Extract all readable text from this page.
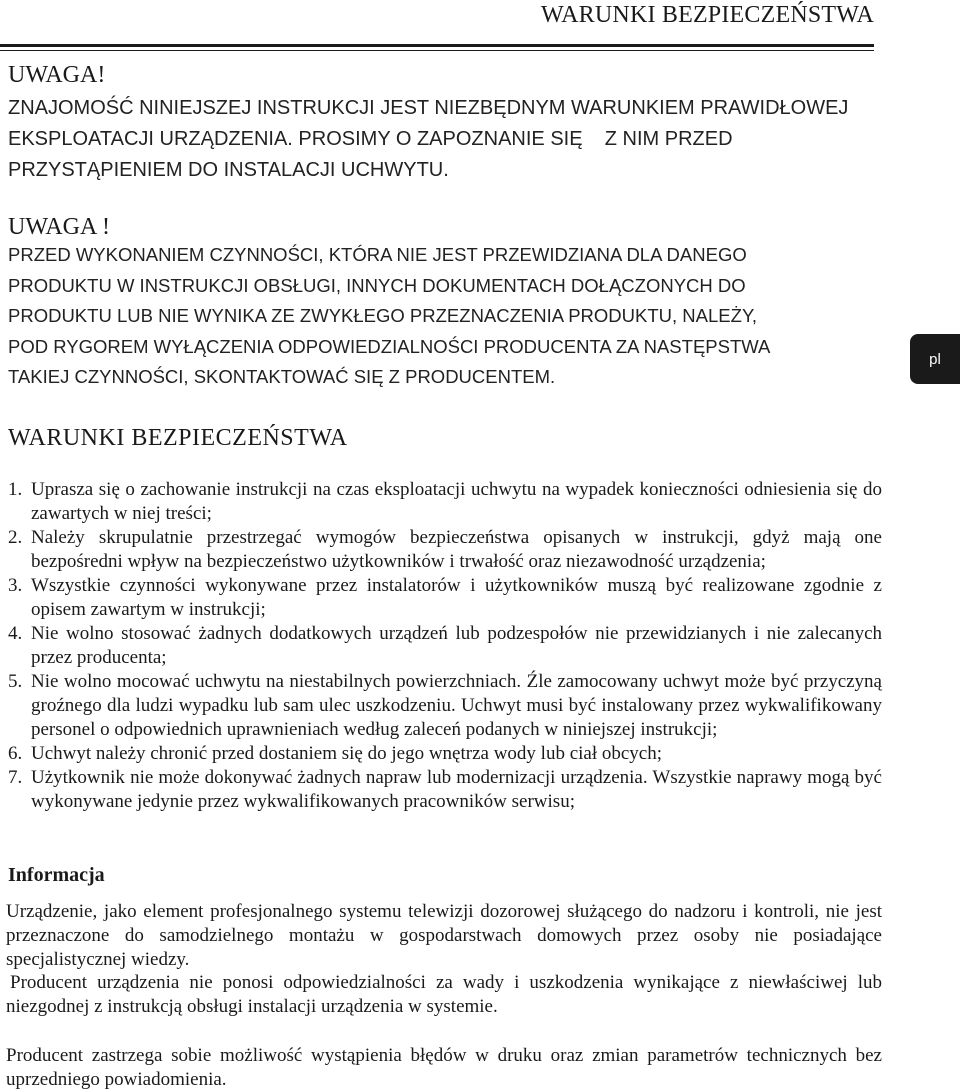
WARUNKI BEZPIECZEŃSTWA
UWAGA!
ZNAJOMOŚĆ NINIEJSZEJ INSTRUKCJI JEST NIEZBĘDNYM WARUNKIEM PRAWIDŁOWEJ
EKSPLOATACJI URZĄDZENIA. PROSIMY O ZAPOZNANIE SIĘ    Z NIM PRZED
PRZYSTĄPIENIEM DO INSTALACJI UCHWYTU.
UWAGA !
PRZED WYKONANIEM CZYNNOŚCI, KTÓRA NIE JEST PRZEWIDZIANA DLA DANEGO
PRODUKTU W INSTRUKCJI OBSŁUGI, INNYCH DOKUMENTACH DOŁĄCZONYCH DO
PRODUKTU LUB NIE WYNIKA ZE ZWYKŁEGO PRZEZNACZENIA PRODUKTU, NALEŻY,
POD RYGOREM WYŁĄCZENIA ODPOWIEDZIALNOŚCI PRODUCENTA ZA NASTĘPSTWA
TAKIEJ CZYNNOŚCI, SKONTAKTOWAĆ SIĘ Z PRODUCENTEM.
pl
WARUNKI BEZPIECZEŃSTWA
1. Uprasza się o zachowanie instrukcji na czas eksploatacji uchwytu na wypadek konieczności odniesienia się do zawartych w niej treści;
2. Należy skrupulatnie przestrzegać wymogów bezpieczeństwa opisanych w instrukcji, gdyż mają one bezpośredni wpływ na bezpieczeństwo użytkowników i trwałość oraz niezawodność urządzenia;
3. Wszystkie czynności wykonywane przez instalatorów i użytkowników muszą być realizowane zgodnie z opisem zawartym w instrukcji;
4. Nie wolno stosować żadnych dodatkowych urządzeń lub podzespołów nie przewidzianych i nie zalecanych przez producenta;
5. Nie wolno mocować uchwytu na niestabilnych powierzchniach. Źle zamocowany uchwyt może być przyczyną groźnego dla ludzi wypadku lub sam ulec uszkodzeniu. Uchwyt musi być instalowany przez wykwalifikowany personel o odpowiednich uprawnieniach według zaleceń podanych w niniejszej instrukcji;
6. Uchwyt należy chronić przed dostaniem się do jego wnętrza wody lub ciał obcych;
7. Użytkownik nie może dokonywać żadnych napraw lub modernizacji urządzenia. Wszystkie naprawy mogą być wykonywane jedynie przez wykwalifikowanych pracowników serwisu;
Informacja

Urządzenie, jako element profesjonalnego systemu telewizji dozorowej służącego do nadzoru i kontroli, nie jest przeznaczone do samodzielnego montażu w gospodarstwach domowych przez osoby nie posiadające specjalistycznej wiedzy.

Producent urządzenia nie ponosi odpowiedzialności za wady i uszkodzenia wynikające z niewłaściwej lub niezgodnej z instrukcją obsługi instalacji urządzenia w systemie.

Producent zastrzega sobie możliwość wystąpienia błędów w druku oraz zmian parametrów technicznych bez uprzedniego powiadomienia.
